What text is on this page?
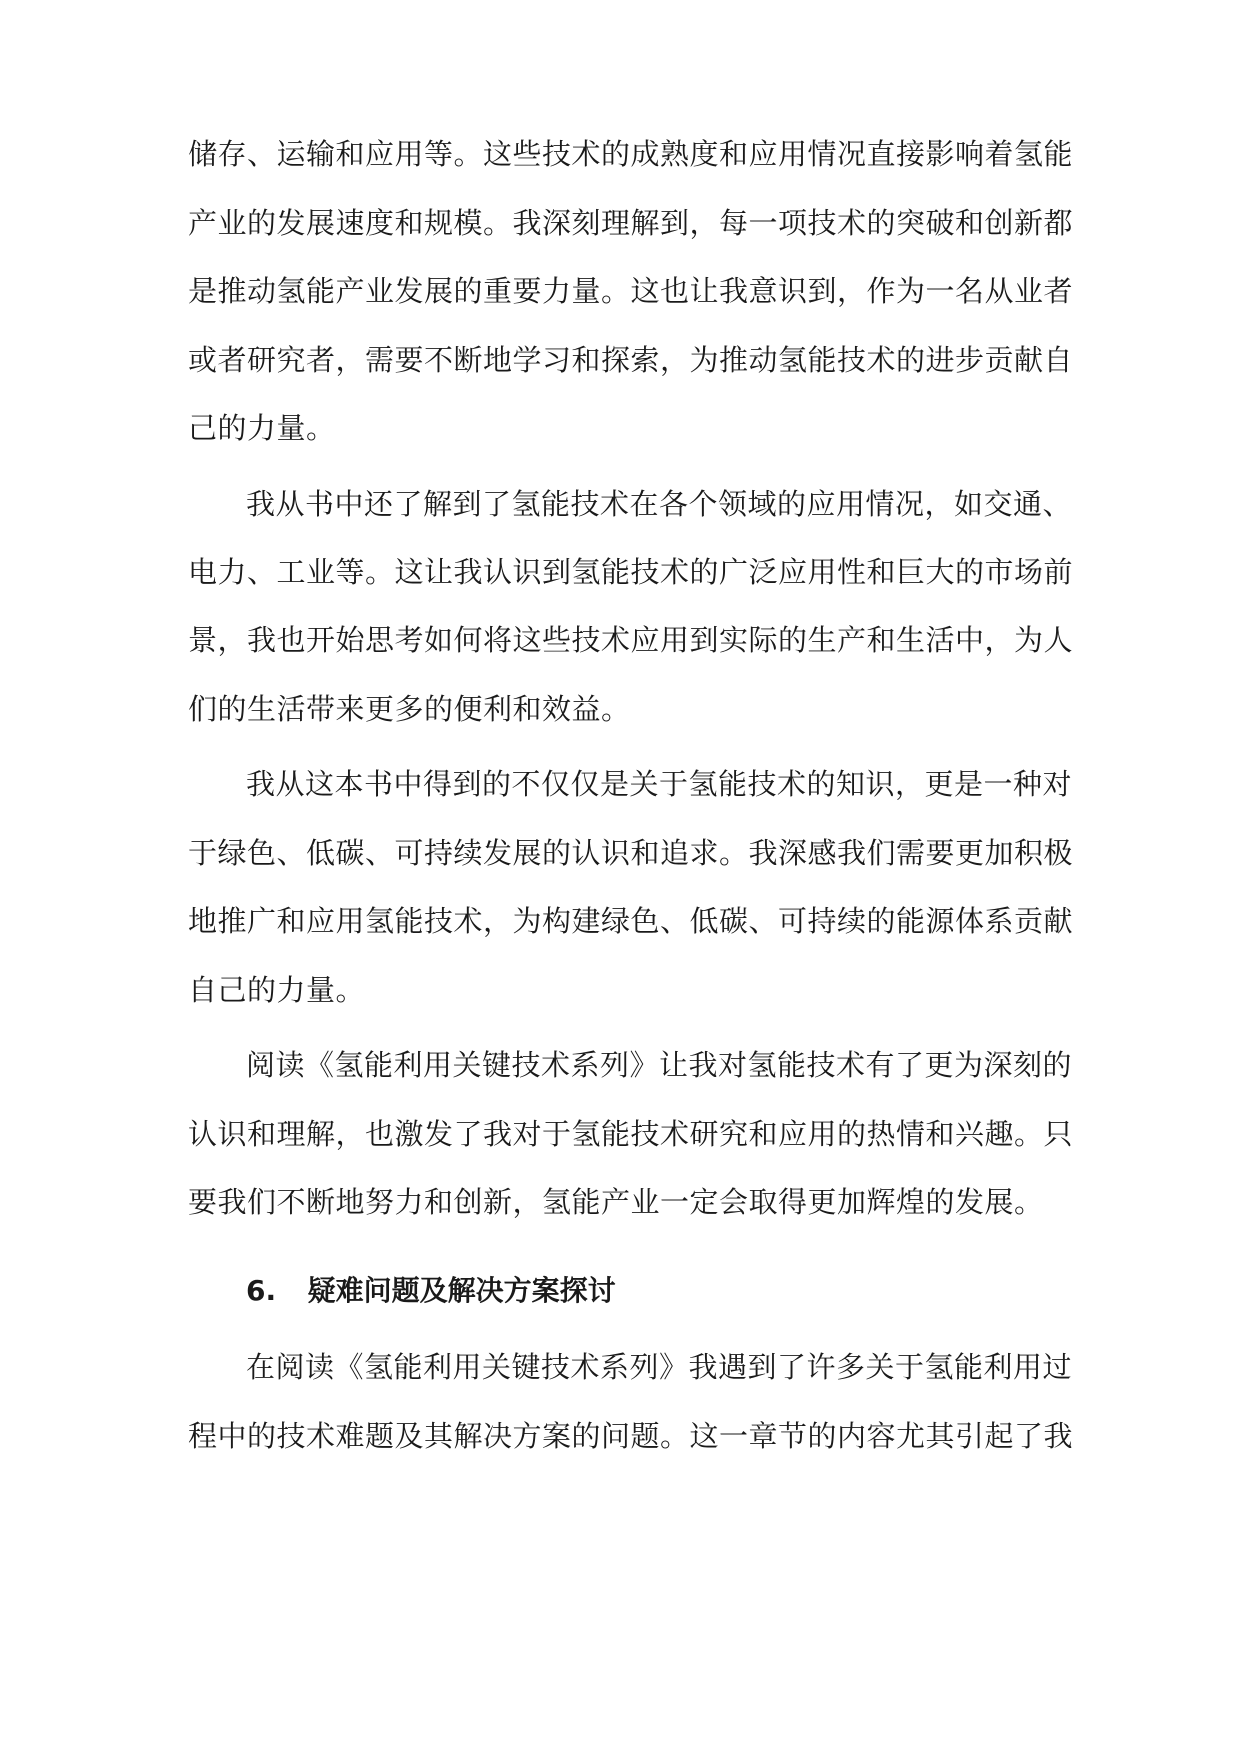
储存、运输和应用等。这些技术的成熟度和应用情况直接影响着氢能
产业的发展速度和规模。我深刻理解到，每一项技术的突破和创新都
是推动氢能产业发展的重要力量。这也让我意识到，作为一名从业者
或者研究者，需要不断地学习和探索，为推动氢能技术的进步贡献自
己的力量。
我从书中还了解到了氢能技术在各个领域的应用情况，如交通、
电力、工业等。这让我认识到氢能技术的广泛应用性和巨大的市场前
景，我也开始思考如何将这些技术应用到实际的生产和生活中，为人
们的生活带来更多的便利和效益。
我从这本书中得到的不仅仅是关于氢能技术的知识，更是一种对
于绿色、低碳、可持续发展的认识和追求。我深感我们需要更加积极
地推广和应用氢能技术，为构建绿色、低碳、可持续的能源体系贡献
自己的力量。
阅读《氢能利用关键技术系列》让我对氢能技术有了更为深刻的
认识和理解，也激发了我对于氢能技术研究和应用的热情和兴趣。只
要我们不断地努力和创新，氢能产业一定会取得更加辉煌的发展。
6. 疑难问题及解决方案探讨
在阅读《氢能利用关键技术系列》我遇到了许多关于氢能利用过
程中的技术难题及其解决方案的问题。这一章节的内容尤其引起了我
